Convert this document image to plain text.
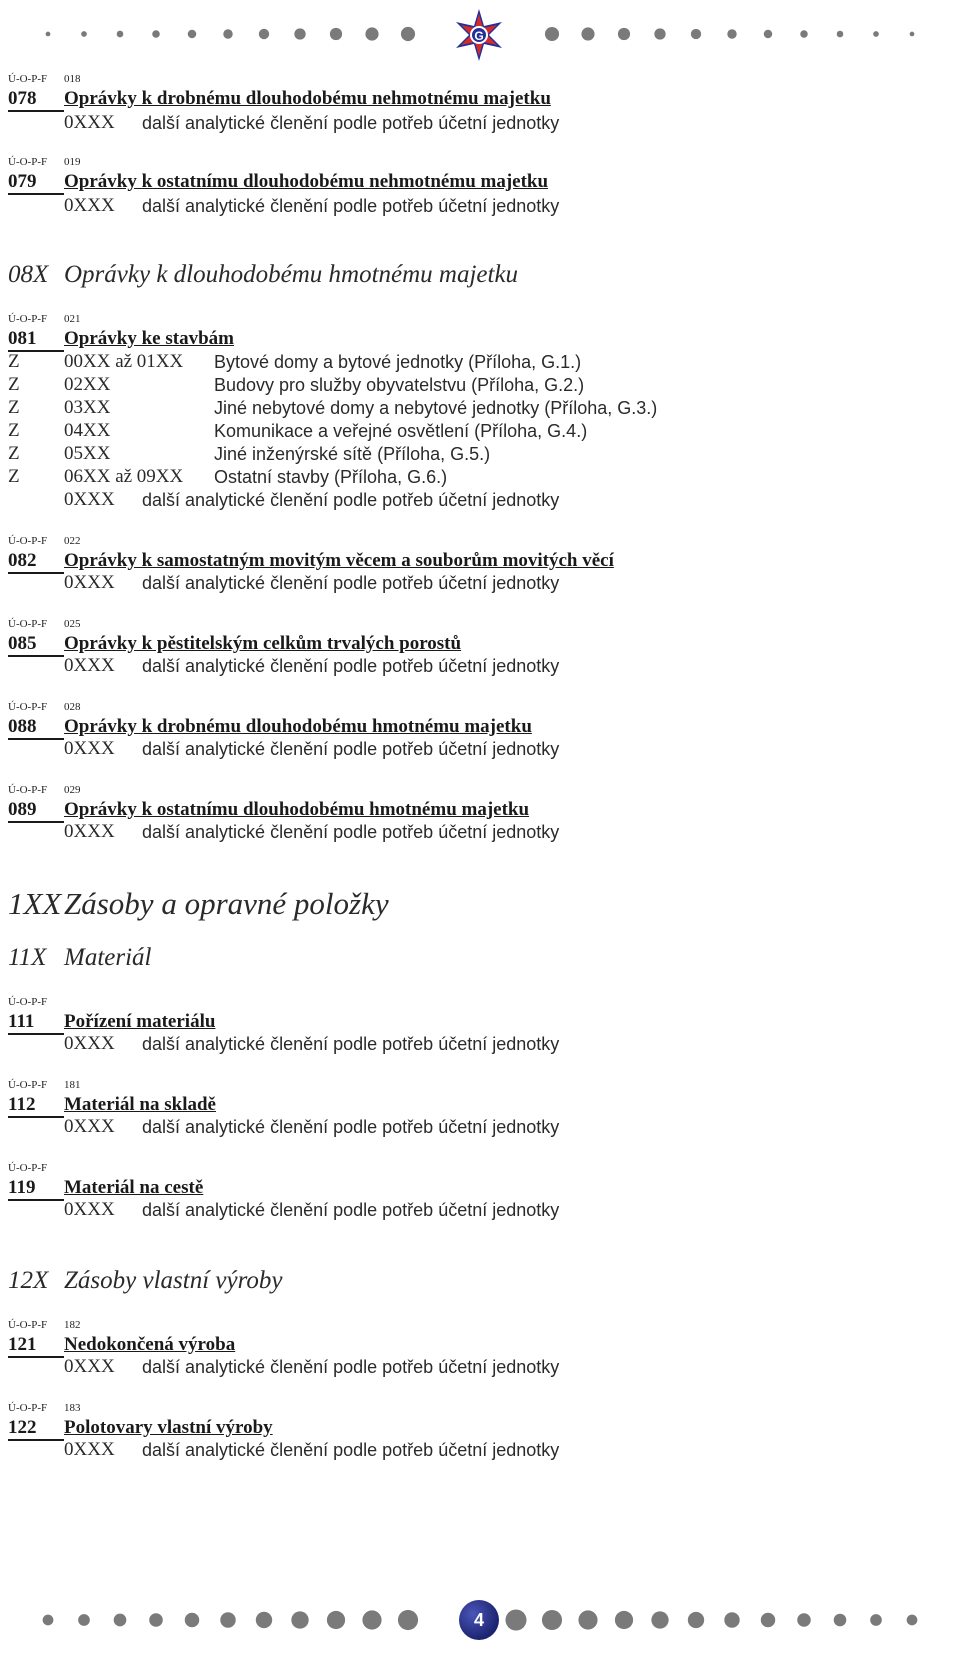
G
Ú-O-P-F 018
078 Oprávky k drobnému dlouhodobému nehmotnému majetku
0XXX další analytické členění podle potřeb účetní jednotky
Ú-O-P-F 019
079 Oprávky k ostatnímu dlouhodobému nehmotnému majetku
0XXX další analytické členění podle potřeb účetní jednotky
08X Oprávky k dlouhodobému hmotnému majetku
Ú-O-P-F 021
081 Oprávky ke stavbám
Z 00XX až 01XX Bytové domy a bytové jednotky (Příloha, G.1.)
Z 02XX	Budovy pro služby obyvatelstvu (Příloha, G.2.)
Z 03XX	Jiné nebytové domy a nebytové jednotky (Příloha, G.3.)
Z 04XX	Komunikace a veřejné osvětlení (Příloha, G.4.)
Z 05XX	Jiné inženýrské sítě (Příloha, G.5.)
Z 06XX až 09XX Ostatní stavby (Příloha, G.6.)
0XXX další analytické členění podle potřeb účetní jednotky
Ú-O-P-F 022
082 Oprávky k samostatným movitým věcem a souborům movitých věcí
0XXX další analytické členění podle potřeb účetní jednotky
Ú-O-P-F 025
085 Oprávky k pěstitelským celkům trvalých porostů
0XXX další analytické členění podle potřeb účetní jednotky
Ú-O-P-F 028
088 Oprávky k drobnému dlouhodobému hmotnému majetku
0XXX další analytické členění podle potřeb účetní jednotky
Ú-O-P-F 029
089 Oprávky k ostatnímu dlouhodobému hmotnému majetku
0XXX další analytické členění podle potřeb účetní jednotky
1XX Zásoby a opravné položky
11X Materiál
Ú-O-P-F
111 Pořízení materiálu
0XXX další analytické členění podle potřeb účetní jednotky
Ú-O-P-F 181
112 Materiál na skladě
0XXX další analytické členění podle potřeb účetní jednotky
Ú-O-P-F
119 Materiál na cestě
0XXX další analytické členění podle potřeb účetní jednotky
12X Zásoby vlastní výroby
Ú-O-P-F 182
121 Nedokončená výroba
0XXX další analytické členění podle potřeb účetní jednotky
Ú-O-P-F 183
122 Polotovary vlastní výroby
0XXX další analytické členění podle potřeb účetní jednotky
4
